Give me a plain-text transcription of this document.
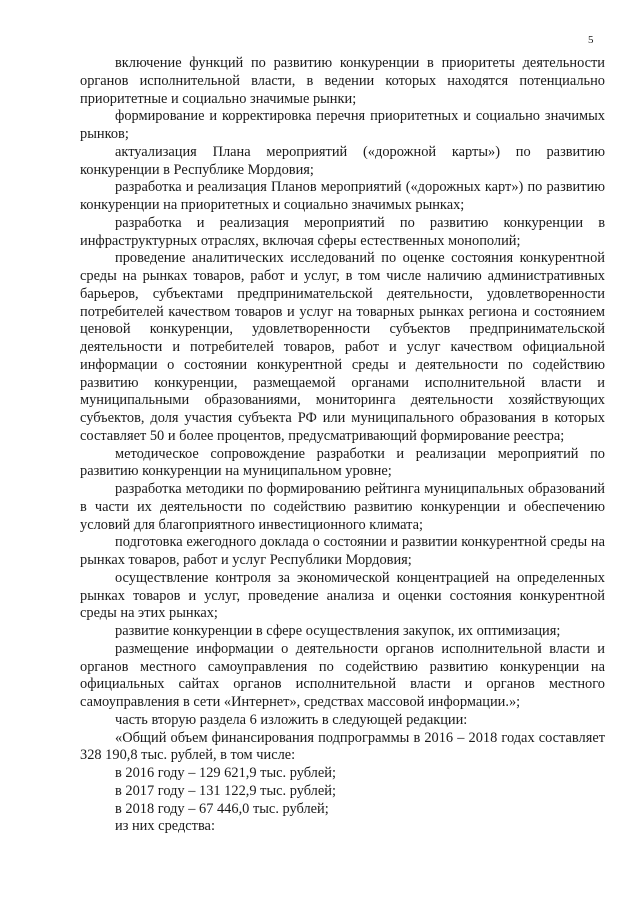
5

включение функций по развитию конкуренции в приоритеты деятельности органов исполнительной власти, в ведении которых находятся потенциально приоритетные и социально значимые рынки;

формирование и корректировка перечня приоритетных и социально значимых рынков;

актуализация Плана мероприятий («дорожной карты») по развитию конкуренции в Республике Мордовия;

разработка и реализация Планов мероприятий («дорожных карт») по развитию конкуренции на приоритетных и социально значимых рынках;

разработка и реализация мероприятий по развитию конкуренции в инфраструктурных отраслях, включая сферы естественных монополий;

проведение аналитических исследований по оценке состояния конкурентной среды на рынках товаров, работ и услуг, в том числе наличию административных барьеров, субъектами предпринимательской деятельности, удовлетворенности потребителей качеством товаров и услуг на товарных рынках региона и состоянием ценовой конкуренции, удовлетворенности субъектов предпринимательской деятельности и потребителей товаров, работ и услуг качеством официальной информации о состоянии конкурентной среды и деятельности по содействию развитию конкуренции, размещаемой органами исполнительной власти и муниципальными образованиями, мониторинга деятельности хозяйствующих субъектов, доля участия субъекта РФ или муниципального образования в которых составляет 50 и более процентов, предусматривающий формирование реестра;

методическое сопровождение разработки и реализации мероприятий по развитию конкуренции на муниципальном уровне;

разработка методики по формированию рейтинга муниципальных образований в части их деятельности по содействию развитию конкуренции и обеспечению условий для благоприятного инвестиционного климата;

подготовка ежегодного доклада о состоянии и развитии конкурентной среды на рынках товаров, работ и услуг Республики Мордовия;

осуществление контроля за экономической концентрацией на определенных рынках товаров и услуг, проведение анализа и оценки состояния конкурентной среды на этих рынках;

развитие конкуренции в сфере осуществления закупок, их оптимизация;

размещение информации о деятельности органов исполнительной власти и органов местного самоуправления по содействию развитию конкуренции на официальных сайтах органов исполнительной власти и органов местного самоуправления в сети «Интернет», средствах массовой информации.»;

часть вторую раздела 6 изложить в следующей редакции:

«Общий объем финансирования подпрограммы в 2016 – 2018 годах составляет 328 190,8 тыс. рублей, в том числе:

в 2016 году – 129 621,9 тыс. рублей;

в 2017 году – 131 122,9 тыс. рублей;

в 2018 году – 67 446,0 тыс. рублей;

из них средства:
